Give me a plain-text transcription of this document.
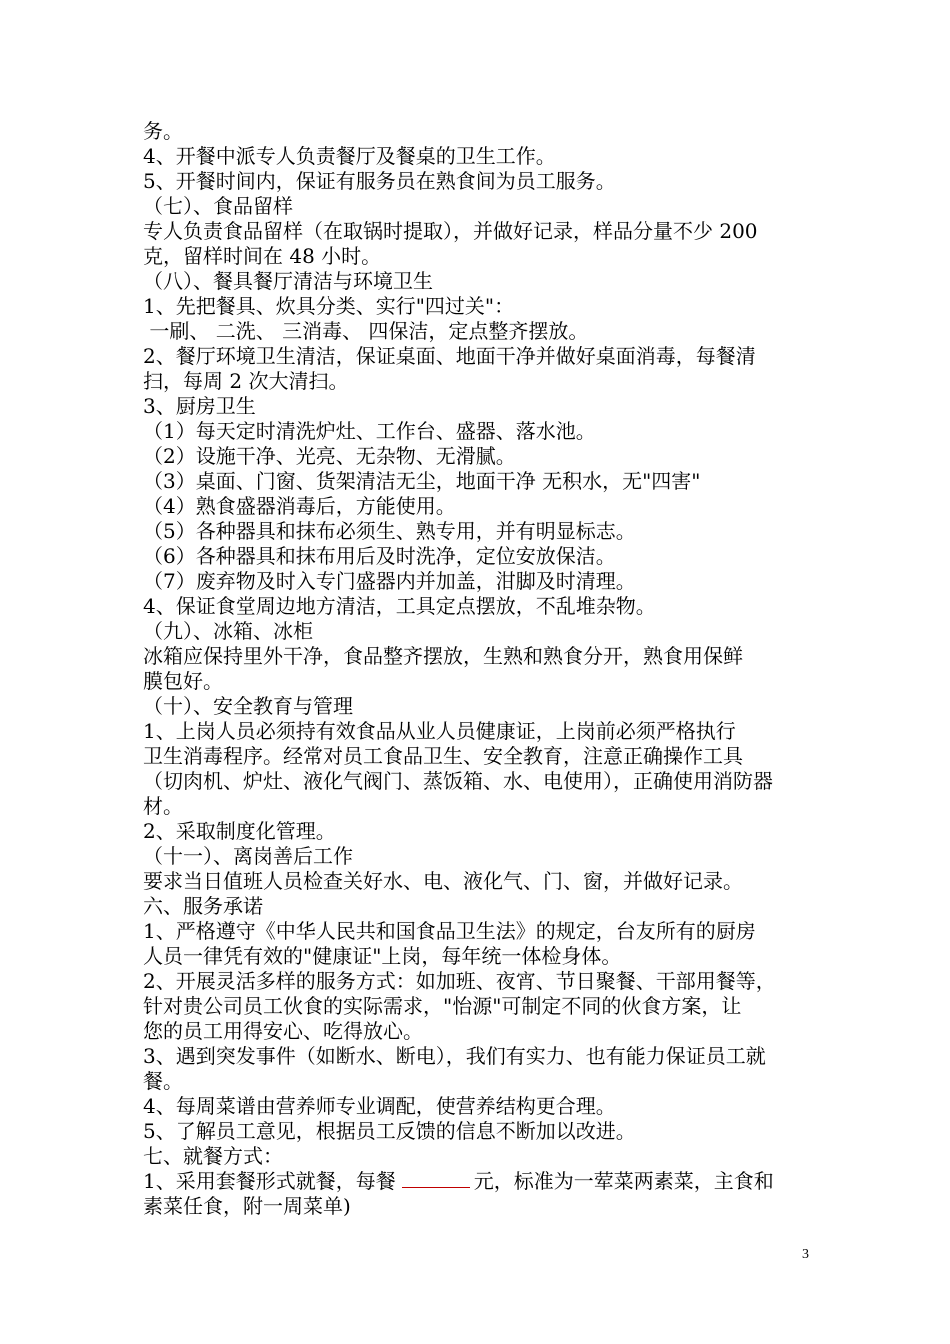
务。
4、开餐中派专人负责餐厅及餐桌的卫生工作。
5、开餐时间内，保证有服务员在熟食间为员工服务。
（七）、食品留样
专人负责食品留样（在取锅时提取），并做好记录，样品分量不少 200
克，留样时间在 48 小时。
（八）、餐具餐厅清洁与环境卫生
1、先把餐具、炊具分类、实行"四过关"：
一刷、 二洗、 三消毒、 四保洁，定点整齐摆放。
2、餐厅环境卫生清洁，保证桌面、地面干净并做好桌面消毒，每餐清
扫，每周 2 次大清扫。
3、厨房卫生
（1）每天定时清洗炉灶、工作台、盛器、落水池。
（2）设施干净、光亮、无杂物、无滑腻。
（3）桌面、门窗、货架清洁无尘，地面干净 无积水，无"四害"
（4）熟食盛器消毒后，方能使用。
（5）各种器具和抹布必须生、熟专用，并有明显标志。
（6）各种器具和抹布用后及时洗净，定位安放保洁。
（7）废弃物及时入专门盛器内并加盖，泔脚及时清理。
4、保证食堂周边地方清洁，工具定点摆放，不乱堆杂物。
（九）、冰箱、冰柜
冰箱应保持里外干净，食品整齐摆放，生熟和熟食分开，熟食用保鲜
膜包好。
（十）、安全教育与管理
1、上岗人员必须持有效食品从业人员健康证，上岗前必须严格执行
卫生消毒程序。经常对员工食品卫生、安全教育，注意正确操作工具
（切肉机、炉灶、液化气阀门、蒸饭箱、水、电使用），正确使用消防器
材。
2、采取制度化管理。
（十一）、离岗善后工作
要求当日值班人员检查关好水、电、液化气、门、窗，并做好记录。
六、服务承诺
1、严格遵守《中华人民共和国食品卫生法》的规定，台友所有的厨房
人员一律凭有效的"健康证"上岗，每年统一体检身体。
2、开展灵活多样的服务方式：如加班、夜宵、节日聚餐、干部用餐等，
针对贵公司员工伙食的实际需求，"怡源"可制定不同的伙食方案，让
您的员工用得安心、吃得放心。
3、遇到突发事件（如断水、断电），我们有实力、也有能力保证员工就
餐。
4、每周菜谱由营养师专业调配，使营养结构更合理。
5、了解员工意见，根据员工反馈的信息不断加以改进。
七、就餐方式：
1、采用套餐形式就餐，每餐	元，标准为一荤菜两素菜，主食和
素菜任食，附一周菜单)
3
